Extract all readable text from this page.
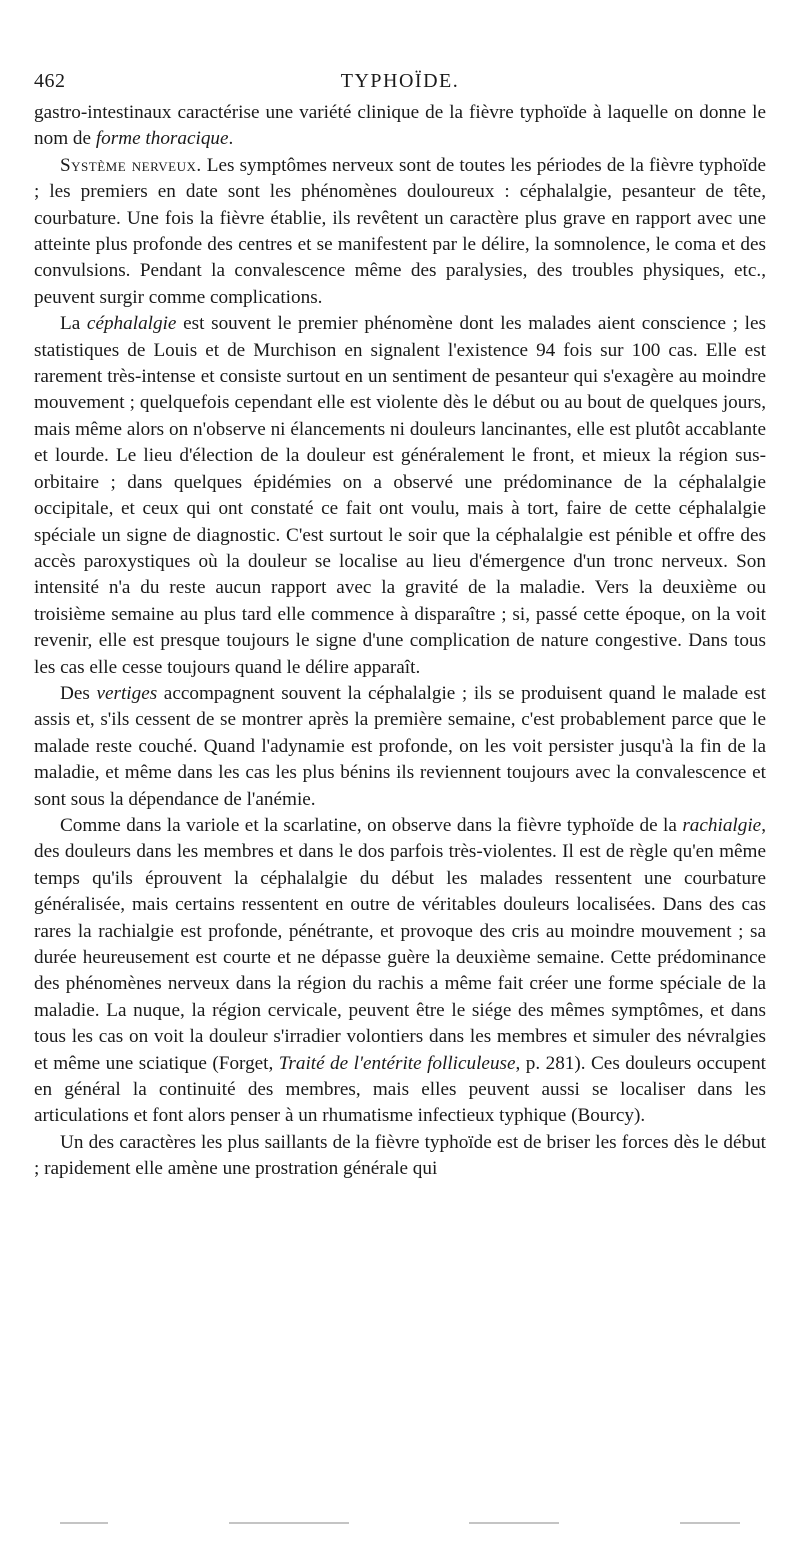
462	TYPHOÏDE.

gastro-intestinaux caractérise une variété clinique de la fièvre typhoïde à laquelle on donne le nom de forme thoracique.

Système nerveux. Les symptômes nerveux sont de toutes les périodes de la fièvre typhoïde ; les premiers en date sont les phénomènes douloureux : céphalalgie, pesanteur de tête, courbature. Une fois la fièvre établie, ils revêtent un caractère plus grave en rapport avec une atteinte plus profonde des centres et se manifestent par le délire, la somnolence, le coma et des convulsions. Pendant la convalescence même des paralysies, des troubles physiques, etc., peuvent surgir comme complications.

La céphalalgie est souvent le premier phénomène dont les malades aient conscience ; les statistiques de Louis et de Murchison en signalent l'existence 94 fois sur 100 cas. Elle est rarement très-intense et consiste surtout en un sentiment de pesanteur qui s'exagère au moindre mouvement ; quelquefois cependant elle est violente dès le début ou au bout de quelques jours, mais même alors on n'observe ni élancements ni douleurs lancinantes, elle est plutôt accablante et lourde. Le lieu d'élection de la douleur est généralement le front, et mieux la région sus-orbitaire ; dans quelques épidémies on a observé une prédominance de la céphalalgie occipitale, et ceux qui ont constaté ce fait ont voulu, mais à tort, faire de cette céphalalgie spéciale un signe de diagnostic. C'est surtout le soir que la céphalalgie est pénible et offre des accès paroxystiques où la douleur se localise au lieu d'émergence d'un tronc nerveux. Son intensité n'a du reste aucun rapport avec la gravité de la maladie. Vers la deuxième ou troisième semaine au plus tard elle commence à disparaître ; si, passé cette époque, on la voit revenir, elle est presque toujours le signe d'une complication de nature congestive. Dans tous les cas elle cesse toujours quand le délire apparaît.

Des vertiges accompagnent souvent la céphalalgie ; ils se produisent quand le malade est assis et, s'ils cessent de se montrer après la première semaine, c'est probablement parce que le malade reste couché. Quand l'adynamie est profonde, on les voit persister jusqu'à la fin de la maladie, et même dans les cas les plus bénins ils reviennent toujours avec la convalescence et sont sous la dépendance de l'anémie.

Comme dans la variole et la scarlatine, on observe dans la fièvre typhoïde de la rachialgie, des douleurs dans les membres et dans le dos parfois très-violentes. Il est de règle qu'en même temps qu'ils éprouvent la céphalalgie du début les malades ressentent une courbature généralisée, mais certains ressentent en outre de véritables douleurs localisées. Dans des cas rares la rachialgie est profonde, pénétrante, et provoque des cris au moindre mouvement ; sa durée heureusement est courte et ne dépasse guère la deuxième semaine. Cette prédominance des phénomènes nerveux dans la région du rachis a même fait créer une forme spéciale de la maladie. La nuque, la région cervicale, peuvent être le siége des mêmes symptômes, et dans tous les cas on voit la douleur s'irradier volontiers dans les membres et simuler des névralgies et même une sciatique (Forget, Traité de l'entérite folliculeuse, p. 281). Ces douleurs occupent en général la continuité des membres, mais elles peuvent aussi se localiser dans les articulations et font alors penser à un rhumatisme infectieux typhique (Bourcy).

Un des caractères les plus saillants de la fièvre typhoïde est de briser les forces dès le début ; rapidement elle amène une prostration générale qui
